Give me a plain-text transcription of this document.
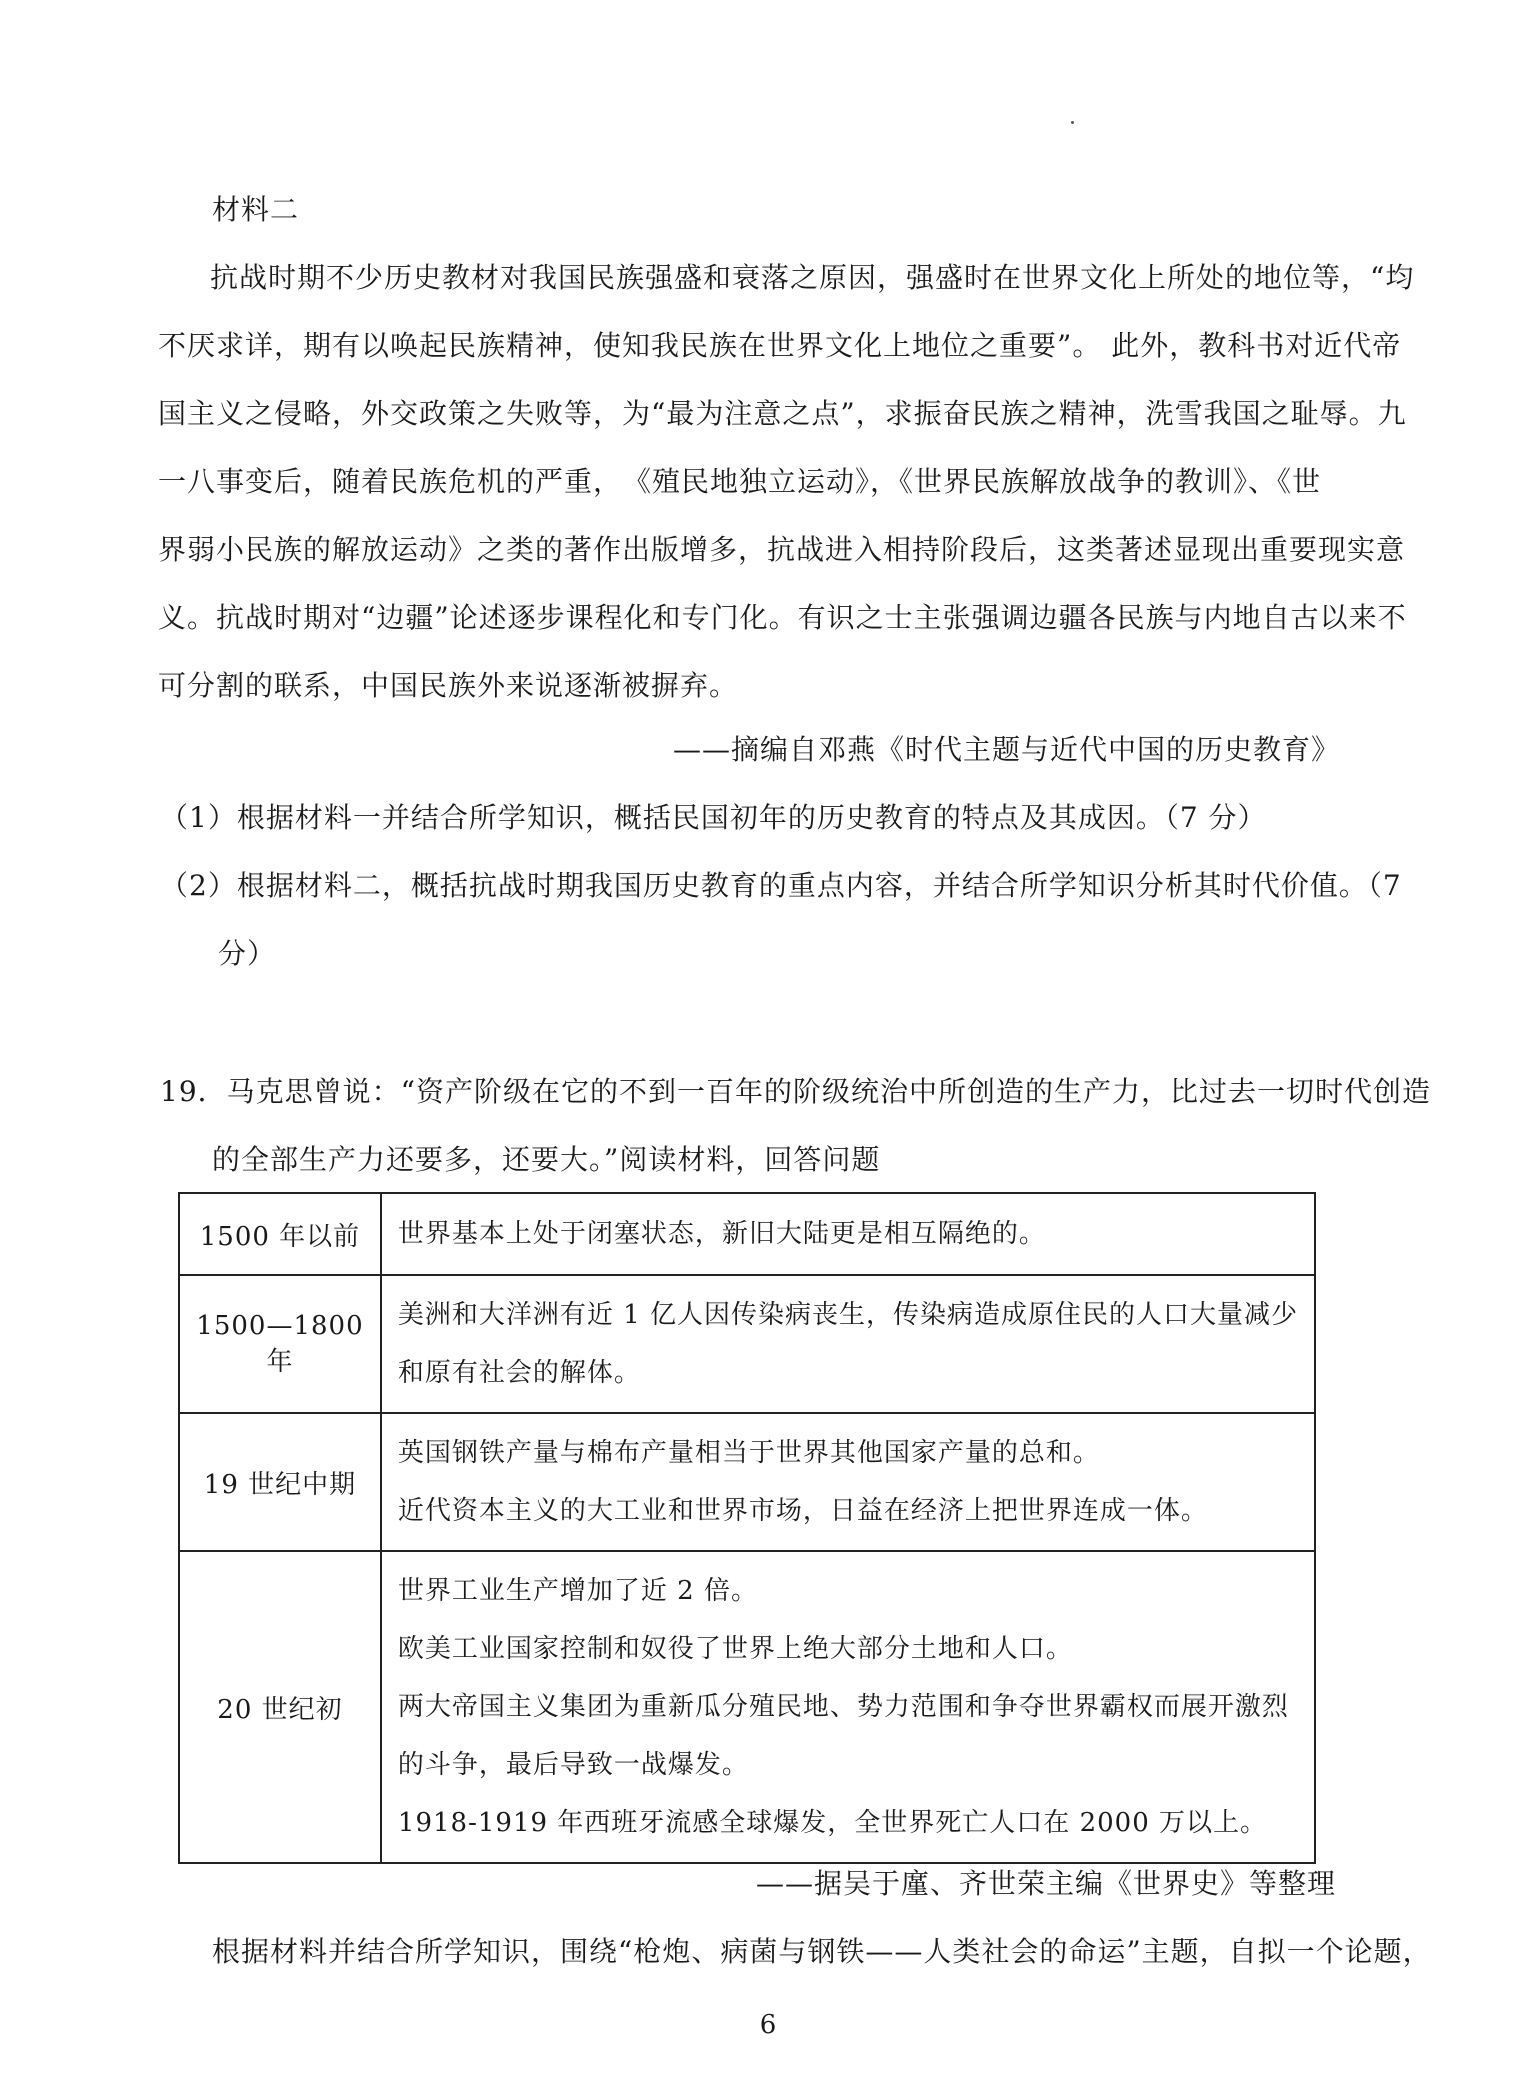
材料二

抗战时期不少历史教材对我国民族强盛和衰落之原因，强盛时在世界文化上所处的地位等，“均
不厌求详，期有以唤起民族精神，使知我民族在世界文化上地位之重要”。 此外，教科书对近代帝
国主义之侵略，外交政策之失败等，为“最为注意之点”，求振奋民族之精神，洗雪我国之耻辱。九
一八事变后，随着民族危机的严重，　《殖民地独立运动》，《世界民族解放战争的教训》、《世
界弱小民族的解放运动》之类的著作出版增多，抗战进入相持阶段后，这类著述显现出重要现实意
义。抗战时期对“边疆”论述逐步课程化和专门化。有识之士主张强调边疆各民族与内地自古以来不
可分割的联系，中国民族外来说逐渐被摒弃。

——摘编自邓燕《时代主题与近代中国的历史教育》

（1）根据材料一并结合所学知识，概括民国初年的历史教育的特点及其成因。（7 分）

（2）根据材料二，概括抗战时期我国历史教育的重点内容，并结合所学知识分析其时代价值。（7

分）

19．马克思曾说：“资产阶级在它的不到一百年的阶级统治中所创造的生产力，比过去一切时代创造

的全部生产力还要多，还要大。”阅读材料，回答问题

1500 年以前	世界基本上处于闭塞状态，新旧大陆更是相互隔绝的。

1500—1800 年	美洲和大洋洲有近 1 亿人因传染病丧生，传染病造成原住民的人口大量减少
和原有社会的解体。

19 世纪中期	英国钢铁产量与棉布产量相当于世界其他国家产量的总和。
近代资本主义的大工业和世界市场，日益在经济上把世界连成一体。

20 世纪初	世界工业生产增加了近 2 倍。
欧美工业国家控制和奴役了世界上绝大部分土地和人口。
两大帝国主义集团为重新瓜分殖民地、势力范围和争夺世界霸权而展开激烈
的斗争，最后导致一战爆发。
1918-1919 年西班牙流感全球爆发，全世界死亡人口在 2000 万以上。

——据吴于廑、齐世荣主编《世界史》等整理

根据材料并结合所学知识，围绕“枪炮、病菌与钢铁——人类社会的命运”主题，自拟一个论题，

6
